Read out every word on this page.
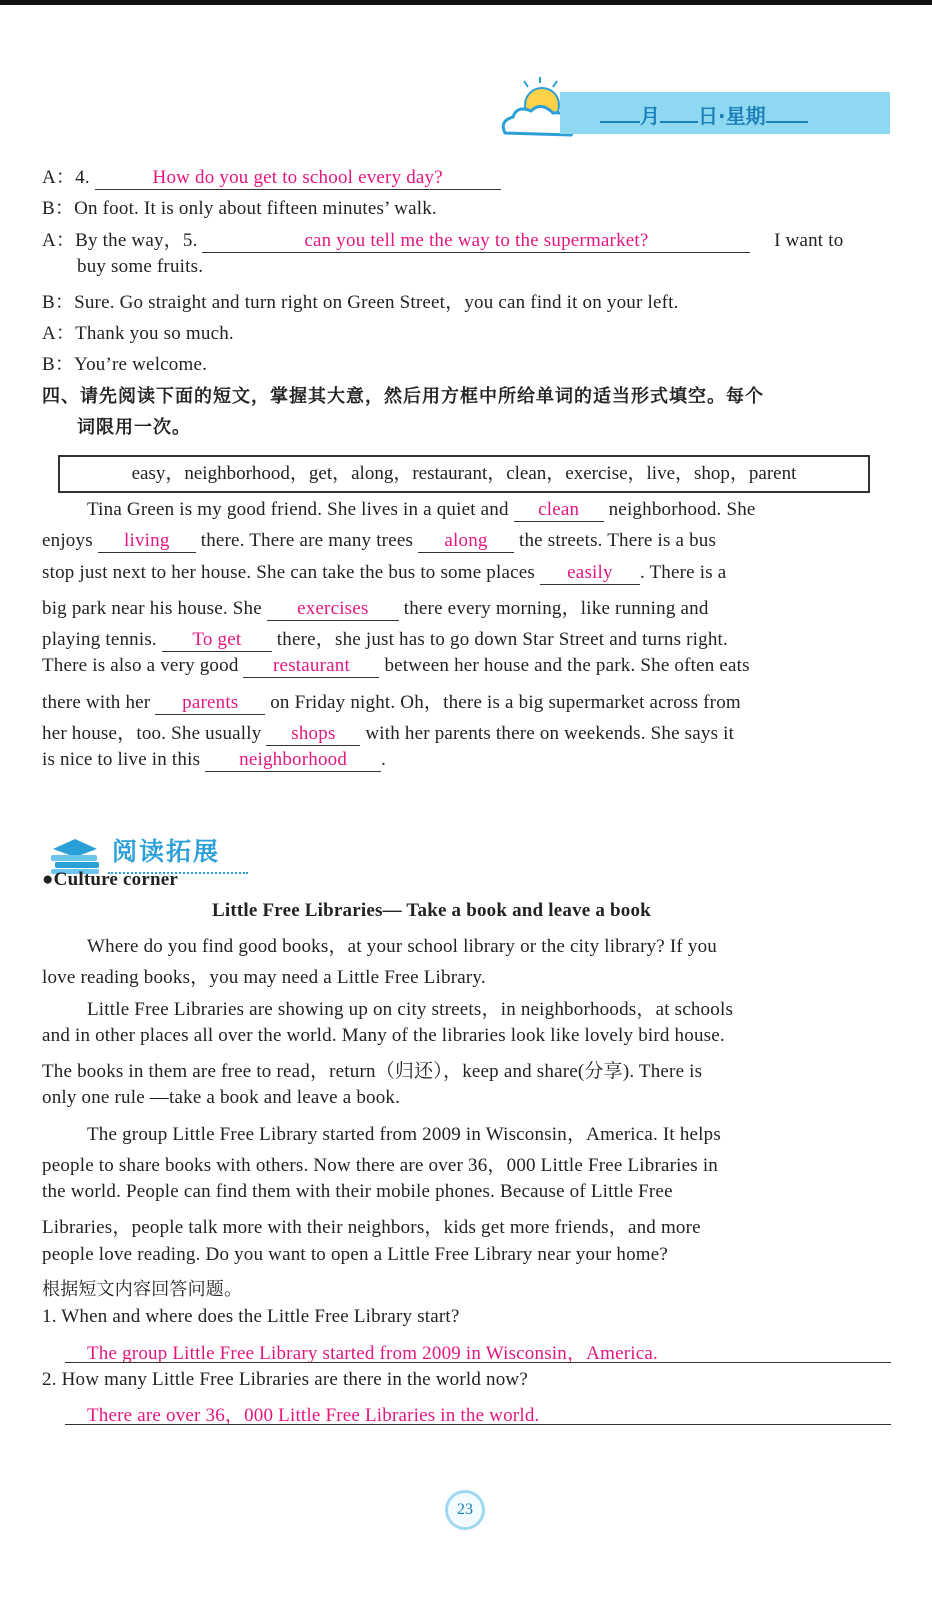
月 日·星期
A：4.	How do you get to school every day?
B：On foot. It is only about fifteen minutes’ walk.
A：By the way，5.	can you tell me the way to the supermarket?	I want to
buy some fruits.
B：Sure. Go straight and turn right on Green Street，you can find it on your left.
A：Thank you so much.
B：You’re welcome.
四、请先阅读下面的短文，掌握其大意，然后用方框中所给单词的适当形式填空。每个
词限用一次。
easy，neighborhood，get，along，restaurant，clean，exercise，live，shop，parent
Tina Green is my good friend. She lives in a quiet and clean neighborhood. She
enjoys living there. There are many trees along the streets. There is a bus
stop just next to her house. She can take the bus to some places easily . There is a
big park near his house. She exercises there every morning，like running and
playing tennis. To get there，she just has to go down Star Street and turns right.
There is also a very good restaurant between her house and the park. She often eats
there with her parents on Friday night. Oh，there is a big supermarket across from
her house，too. She usually shops with her parents there on weekends. She says it
is nice to live in this neighborhood .
阅读拓展
●Culture corner
Little Free Libraries— Take a book and leave a book
Where do you find good books，at your school library or the city library? If you
love reading books，you may need a Little Free Library.
Little Free Libraries are showing up on city streets，in neighborhoods，at schools
and in other places all over the world. Many of the libraries look like lovely bird house.
The books in them are free to read，return（归还），keep and share(分享). There is
only one rule —take a book and leave a book.
The group Little Free Library started from 2009 in Wisconsin，America. It helps
people to share books with others. Now there are over 36，000 Little Free Libraries in
the world. People can find them with their mobile phones. Because of Little Free
Libraries，people talk more with their neighbors，kids get more friends，and more
people love reading. Do you want to open a Little Free Library near your home?
根据短文内容回答问题。
1. When and where does the Little Free Library start?
The group Little Free Library started from 2009 in Wisconsin，America.
2. How many Little Free Libraries are there in the world now?
There are over 36，000 Little Free Libraries in the world.
23
